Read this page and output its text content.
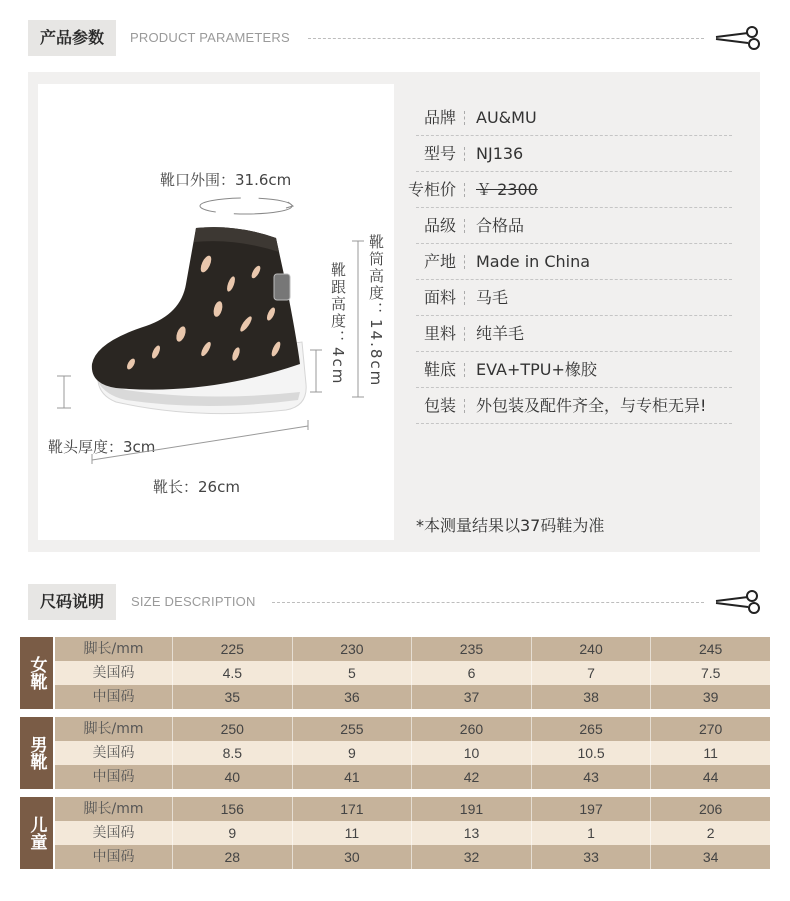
产品参数	PRODUCT PARAMETERS
靴口外围：31.6cm
靴筒高度：14.8cm
靴跟高度：4cm
靴头厚度：3cm
靴长：26cm
品牌 AU&MU
型号 NJ136
专柜价 ￥ 2300
品级 合格品
产地 Made in China
面料 马毛
里料 纯羊毛
鞋底 EVA+TPU+橡胶
包装 外包装及配件齐全，与专柜无异!
*本测量结果以37码鞋为准
尺码说明	SIZE DESCRIPTION
女靴
脚长/mm	225	230	235	240	245
美国码	4.5	5	6	7	7.5
中国码	35	36	37	38	39
男靴
脚长/mm	250	255	260	265	270
美国码	8.5	9	10	10.5	11
中国码	40	41	42	43	44
儿童
脚长/mm	156	171	191	197	206
美国码	9	11	13	1	2
中国码	28	30	32	33	34
